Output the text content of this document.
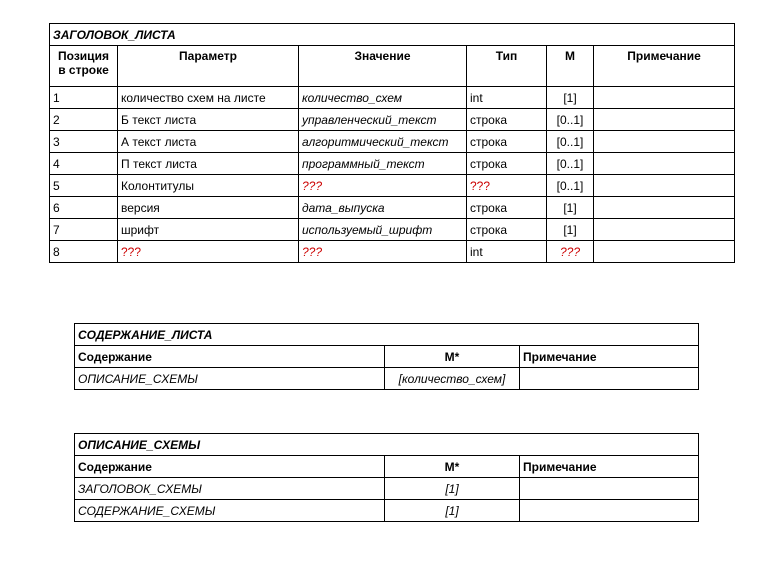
ЗАГОЛОВОК_ЛИСТА					
Позиция
в строке	Параметр	Значение	Тип	М	Примечание
1	количество схем на листе	количество_схем	int	[1]	
2	Б текст листа	управленческий_текст	строка	[0..1]	
3	А текст листа	алгоритмический_текст	строка	[0..1]	
4	П текст листа	программный_текст	строка	[0..1]	
5	Колонтитулы	???	???	[0..1]	
6	версия	дата_выпуска	строка	[1]	
7	шрифт	используемый_шрифт	строка	[1]	
8	???	???	int	???	
СОДЕРЖАНИЕ_ЛИСТА		
Содержание	М*	Примечание
ОПИСАНИЕ_СХЕМЫ	[количество_схем]	
ОПИСАНИЕ_СХЕМЫ		
Содержание	М*	Примечание
ЗАГОЛОВОК_СХЕМЫ	[1]	
СОДЕРЖАНИЕ_СХЕМЫ	[1]	
